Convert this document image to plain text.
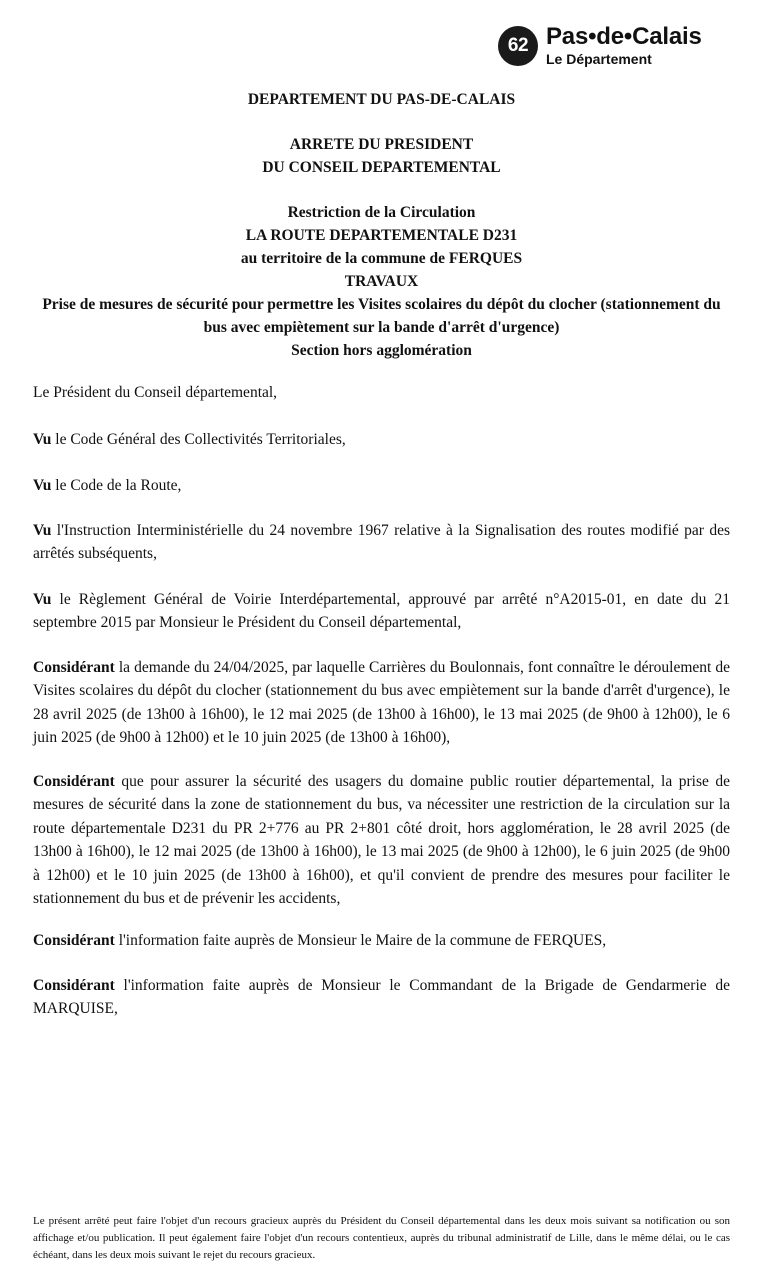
62 Pas•de•Calais
Le Département

DEPARTEMENT DU PAS-DE-CALAIS

ARRETE DU PRESIDENT

DU CONSEIL DEPARTEMENTAL

Restriction de la Circulation

LA ROUTE DEPARTEMENTALE D231

au territoire de la commune de FERQUES

TRAVAUX

Prise de mesures de sécurité pour permettre les Visites scolaires du dépôt du clocher (stationnement du bus avec empiètement sur la bande d'arrêt d'urgence)

Section hors agglomération

Le Président du Conseil départemental,

Vu le Code Général des Collectivités Territoriales,

Vu le Code de la Route,

Vu l'Instruction Interministérielle du 24 novembre 1967 relative à la Signalisation des routes modifié par des arrêtés subséquents,

Vu le Règlement Général de Voirie Interdépartemental, approuvé par arrêté n°A2015-01, en date du 21 septembre 2015 par Monsieur le Président du Conseil départemental,

Considérant la demande du 24/04/2025, par laquelle Carrières du Boulonnais, font connaître le déroulement de Visites scolaires du dépôt du clocher (stationnement du bus avec empiètement sur la bande d'arrêt d'urgence), le 28 avril 2025 (de 13h00 à 16h00), le 12 mai 2025 (de 13h00 à 16h00), le 13 mai 2025 (de 9h00 à 12h00), le 6 juin 2025 (de 9h00 à 12h00) et le 10 juin 2025 (de 13h00 à 16h00),

Considérant que pour assurer la sécurité des usagers du domaine public routier départemental, la prise de mesures de sécurité dans la zone de stationnement du bus, va nécessiter une restriction de la circulation sur la route départementale D231 du PR 2+776 au PR 2+801 côté droit, hors agglomération, le 28 avril 2025 (de 13h00 à 16h00), le 12 mai 2025 (de 13h00 à 16h00), le 13 mai 2025 (de 9h00 à 12h00), le 6 juin 2025 (de 9h00 à 12h00) et le 10 juin 2025 (de 13h00 à 16h00), et qu'il convient de prendre des mesures pour faciliter le stationnement du bus et de prévenir les accidents,

Considérant l'information faite auprès de Monsieur le Maire de la commune de FERQUES,

Considérant l'information faite auprès de Monsieur le Commandant de la Brigade de Gendarmerie de MARQUISE,

Le présent arrêté peut faire l'objet d'un recours gracieux auprès du Président du Conseil départemental dans les deux mois suivant sa notification ou son affichage et/ou publication. Il peut également faire l'objet d'un recours contentieux, auprès du tribunal administratif de Lille, dans le même délai, ou le cas échéant, dans les deux mois suivant le rejet du recours gracieux.
